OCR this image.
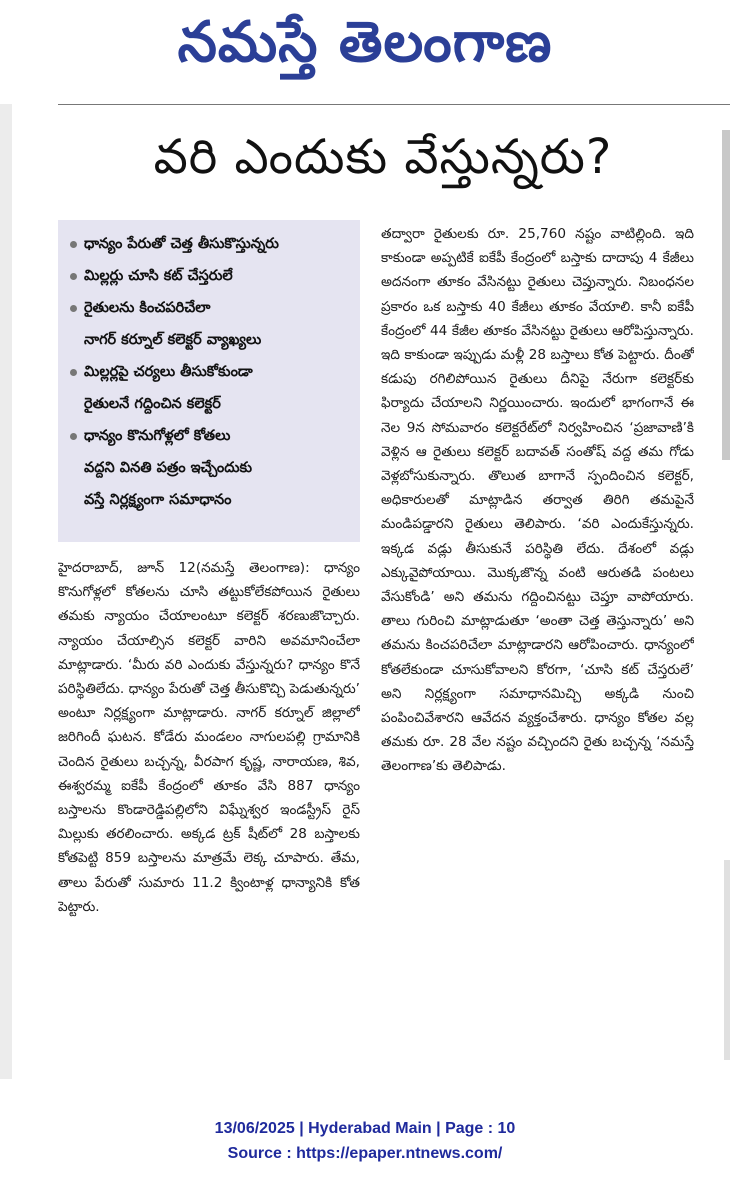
నమస్తే తెలంగాణ
వరి ఎందుకు వేస్తున్నరు?
ధాన్యం పేరుతో చెత్త తీసుకొస్తున్నరు
మిల్లర్లు చూసి కట్ చేస్తరులే
రైతులను కించపరిచేలా
నాగర్ కర్నూల్ కలెక్టర్ వ్యాఖ్యలు
మిల్లర్లపై చర్యలు తీసుకోకుండా
రైతులనే గద్దించిన కలెక్టర్
ధాన్యం కొనుగోళ్లలో కోతలు
వద్దని వినతి పత్రం ఇచ్చేందుకు
వస్తే నిర్లక్ష్యంగా సమాధానం

హైదరాబాద్, జూన్ 12(నమస్తే తెలంగాణ): ధాన్యం కొనుగోళ్లలో కోతలను చూసి తట్టుకోలేకపోయిన రైతులు తమకు న్యాయం చేయాలంటూ కలెక్టర్ శరణుజొచ్చారు. న్యాయం చేయాల్సిన కలెక్టర్ వారిని అవమానించేలా మాట్లాడారు. ‘మీరు వరి ఎందుకు వేస్తున్నరు? ధాన్యం కొనే పరిస్థితిలేదు. ధాన్యం పేరుతో చెత్త తీసుకొచ్చి పెడుతున్నరు’ అంటూ నిర్లక్ష్యంగా మాట్లాడారు. నాగర్ కర్నూల్ జిల్లాలో జరిగిందీ ఘటన. కోడేరు మండలం నాగులపల్లి గ్రామానికి చెందిన రైతులు బచ్చన్న, వీరపాగ కృష్ణ, నారాయణ, శివ, ఈశ్వరమ్మ ఐకేపీ కేంద్రంలో తూకం వేసి 887 ధాన్యం బస్తాలను కొండారెడ్డిపల్లిలోని విఘ్నేశ్వర ఇండస్ట్రీస్ రైస్ మిల్లుకు తరలించారు. అక్కడ ట్రక్ షీట్‌లో 28 బస్తాలకు కోతపెట్టి 859 బస్తాలను మాత్రమే లెక్క చూపారు. తేమ, తాలు పేరుతో సుమారు 11.2 క్వింటాళ్ల ధాన్యానికి కోత పెట్టారు.

తద్వారా రైతులకు రూ. 25,760 నష్టం వాటిల్లింది. ఇది కాకుండా అప్పటికే ఐకేపీ కేంద్రంలో బస్తాకు దాదాపు 4 కేజీలు అదనంగా తూకం వేసినట్టు రైతులు చెప్తున్నారు. నిబంధనల ప్రకారం ఒక బస్తాకు 40 కేజీలు తూకం వేయాలి. కానీ ఐకేపీ కేంద్రంలో 44 కేజీల తూకం వేసినట్టు రైతులు ఆరోపిస్తున్నారు. ఇది కాకుండా ఇప్పుడు మళ్లీ 28 బస్తాలు కోత పెట్టారు. దీంతో కడుపు రగిలిపోయిన రైతులు దీనిపై నేరుగా కలెక్టర్‌కు ఫిర్యాదు చేయాలని నిర్ణయించారు. ఇందులో భాగంగానే ఈ నెల 9న సోమవారం కలెక్టరేట్‌లో నిర్వహించిన ‘ప్రజావాణి’కి వెళ్లిన ఆ రైతులు కలెక్టర్ బదావత్ సంతోష్ వద్ద తమ గోడు వెళ్లబోసుకున్నారు. తొలుత బాగానే స్పందించిన కలెక్టర్, అధికారులతో మాట్లాడిన తర్వాత తిరిగి తమపైనే మండిపడ్డారని రైతులు తెలిపారు. ‘వరి ఎందుకేస్తున్నరు. ఇక్కడ వడ్లు తీసుకునే పరిస్థితి లేదు. దేశంలో వడ్లు ఎక్కువైపోయాయి. మొక్కజొన్న వంటి ఆరుతడి పంటలు వేసుకోండి’ అని తమను గద్దించినట్టు చెప్తూ వాపోయారు. తాలు గురించి మాట్లాడుతూ ‘అంతా చెత్త తెస్తున్నారు’ అని తమను కించపరిచేలా మాట్లాడారని ఆరోపించారు. ధాన్యంలో కోతలేకుండా చూసుకోవాలని కోరగా, ‘చూసి కట్ చేస్తరులే’ అని నిర్లక్ష్యంగా సమాధానమిచ్చి అక్కడి నుంచి పంపించివేశారని ఆవేదన వ్యక్తంచేశారు. ధాన్యం కోతల వల్ల తమకు రూ. 28 వేల నష్టం వచ్చిందని రైతు బచ్చన్న ‘నమస్తే తెలంగాణ’కు తెలిపాడు.

13/06/2025 | Hyderabad Main | Page : 10
Source : https://epaper.ntnews.com/
